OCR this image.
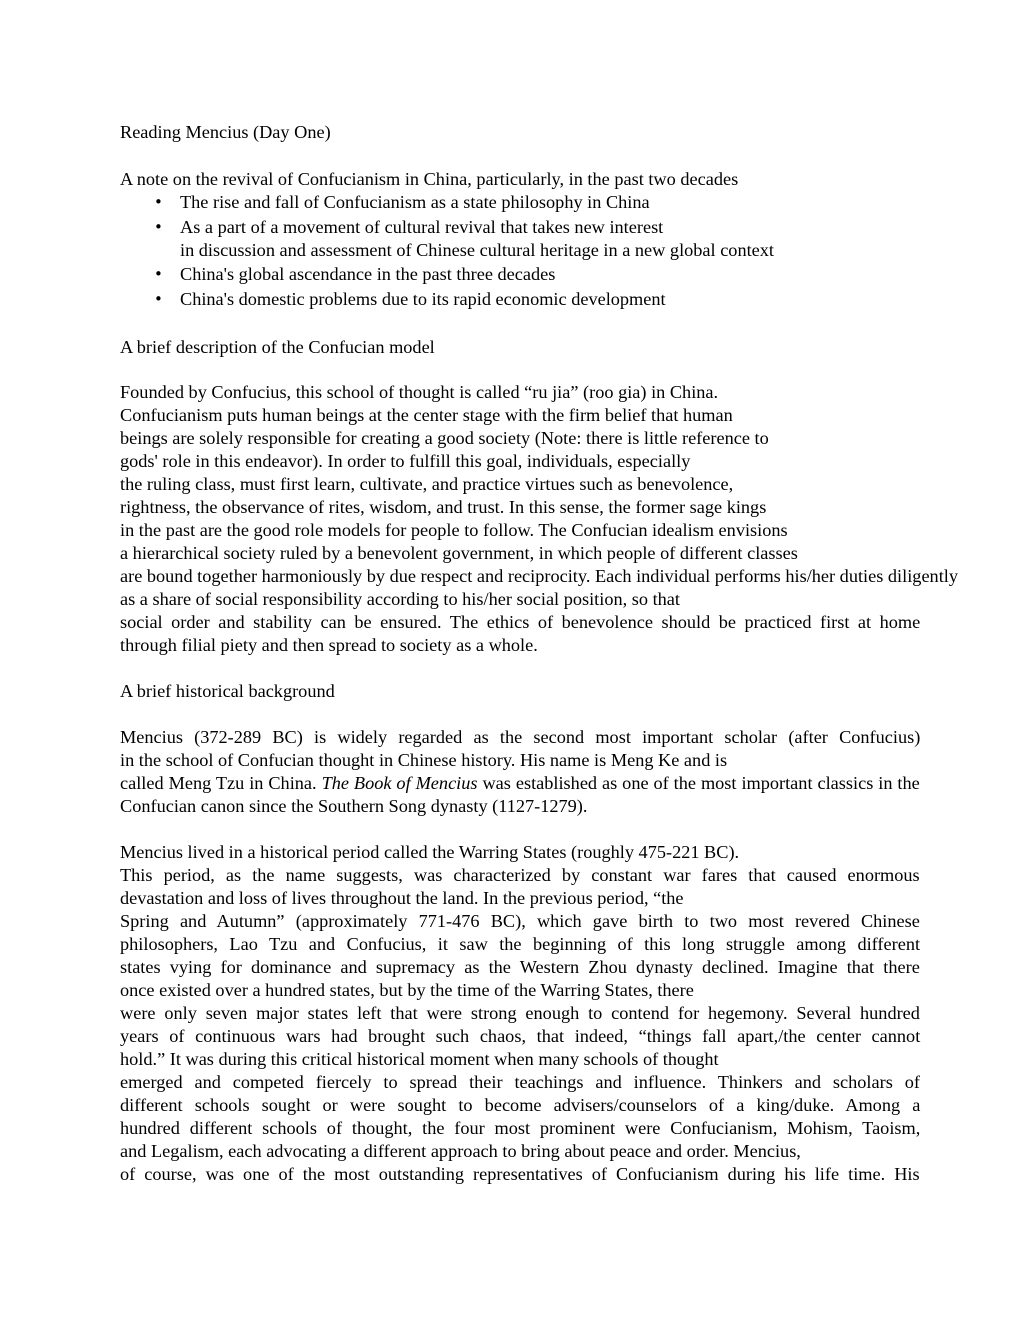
Reading Mencius (Day One)
A note on the revival of Confucianism in China, particularly, in the past two decades
• The rise and fall of Confucianism as a state philosophy in China
• As a part of a movement of cultural revival that takes new interest
in discussion and assessment of Chinese cultural heritage in a new global context
• China's global ascendance in the past three decades
• China's domestic problems due to its rapid economic development
A brief description of the Confucian model
Founded by Confucius, this school of thought is called “ru jia” (roo gia) in China.
Confucianism puts human beings at the center stage with the firm belief that human
beings are solely responsible for creating a good society (Note: there is little reference to
gods' role in this endeavor). In order to fulfill this goal, individuals, especially
the ruling class, must first learn, cultivate, and practice virtues such as benevolence,
rightness, the observance of rites, wisdom, and trust. In this sense, the former sage kings
in the past are the good role models for people to follow. The Confucian idealism envisions
a hierarchical society ruled by a benevolent government, in which people of different classes
are bound together harmoniously by due respect and reciprocity. Each individual performs his/her duties diligently
as a share of social responsibility according to his/her social position, so that
social order and stability can be ensured. The ethics of benevolence should be practiced first at home
through filial piety and then spread to society as a whole.
A brief historical background
Mencius (372-289 BC) is widely regarded as the second most important scholar (after Confucius)
in the school of Confucian thought in Chinese history. His name is Meng Ke and is
called Meng Tzu in China. The Book of Mencius was established as one of the most important classics in the
Confucian canon since the Southern Song dynasty (1127-1279).
Mencius lived in a historical period called the Warring States (roughly 475-221 BC).
This period, as the name suggests, was characterized by constant war fares that caused enormous
devastation and loss of lives throughout the land. In the previous period, “the
Spring and Autumn” (approximately 771-476 BC), which gave birth to two most revered Chinese
philosophers, Lao Tzu and Confucius, it saw the beginning of this long struggle among different
states vying for dominance and supremacy as the Western Zhou dynasty declined. Imagine that there
once existed over a hundred states, but by the time of the Warring States, there
were only seven major states left that were strong enough to contend for hegemony. Several hundred
years of continuous wars had brought such chaos, that indeed, “things fall apart,/the center cannot
hold.” It was during this critical historical moment when many schools of thought
emerged and competed fiercely to spread their teachings and influence. Thinkers and scholars of
different schools sought or were sought to become advisers/counselors of a king/duke. Among a
hundred different schools of thought, the four most prominent were Confucianism, Mohism, Taoism,
and Legalism, each advocating a different approach to bring about peace and order. Mencius,
of course, was one of the most outstanding representatives of Confucianism during his life time. His
